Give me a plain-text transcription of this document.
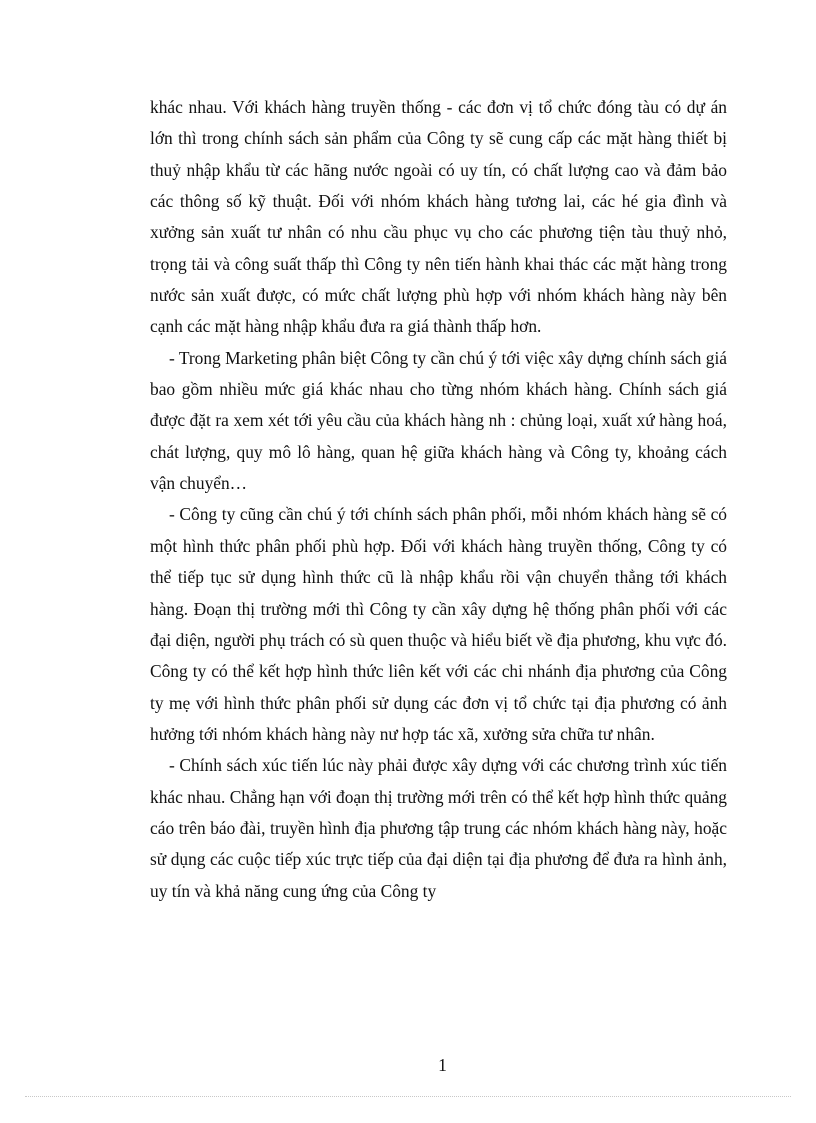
khác nhau. Với khách hàng truyền thống - các đơn vị tổ chức đóng tàu có dự án lớn thì trong chính sách sản phẩm của Công ty sẽ cung cấp các mặt hàng thiết bị thuỷ nhập khẩu từ các hãng nước ngoài có uy tín, có chất lượng cao và đảm bảo các thông số kỹ thuật. Đối với nhóm khách hàng tương lai, các hé gia đình và xưởng sản xuất tư nhân có nhu cầu phục vụ cho các phương tiện tàu thuỷ nhỏ, trọng tải và công suất thấp thì Công ty nên tiến hành khai thác các mặt hàng trong nước sản xuất được, có mức chất lượng phù hợp với nhóm khách hàng này bên cạnh các mặt hàng nhập khẩu đưa ra giá thành thấp hơn.

- Trong Marketing phân biệt Công ty cần chú ý tới việc xây dựng chính sách giá bao gồm nhiều mức giá khác nhau cho từng nhóm khách hàng. Chính sách giá được đặt ra xem xét tới yêu cầu của khách hàng nh : chủng loại, xuất xứ hàng hoá, chát lượng, quy mô lô hàng, quan hệ giữa khách hàng và Công ty, khoảng cách vận chuyển…

- Công ty cũng cần chú ý tới chính sách phân phối, mỗi nhóm khách hàng sẽ có một hình thức phân phối phù hợp. Đối với khách hàng truyền thống, Công ty có thể tiếp tục sử dụng hình thức cũ là nhập khẩu rồi vận chuyển thẳng tới khách hàng. Đoạn thị trường mới thì Công ty cần xây dựng hệ thống phân phối với các đại diện, người phụ trách có sù quen thuộc và hiểu biết về địa phương, khu vực đó. Công ty có thể kết hợp hình thức liên kết với các chi nhánh địa phương của Công ty mẹ với hình thức phân phối sử dụng các đơn vị tổ chức tại địa phương có ảnh hưởng tới nhóm khách hàng này nư hợp tác xã, xưởng sửa chữa tư nhân.

- Chính sách xúc tiến lúc này phải được xây dựng với các chương trình xúc tiến khác nhau. Chẳng hạn với đoạn thị trường mới trên có thể kết hợp hình thức quảng cáo trên báo đài, truyền hình địa phương tập trung các nhóm khách hàng này, hoặc sử dụng các cuộc tiếp xúc trực tiếp của đại diện tại địa phương để đưa ra hình ảnh, uy tín và khả năng cung ứng của Công ty

1
